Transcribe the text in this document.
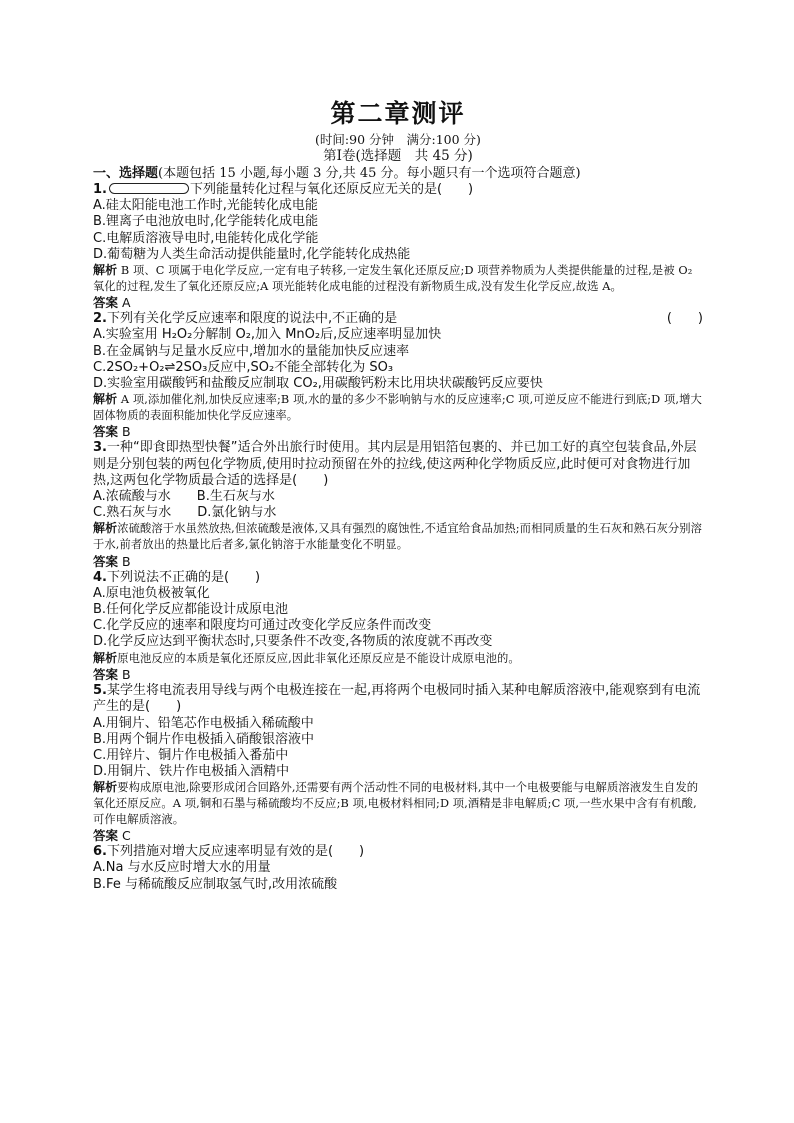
第二章测评
(时间:90 分钟　满分:100 分)
第Ⅰ卷(选择题　共 45 分)
一、选择题(本题包括 15 小题,每小题 3 分,共 45 分。每小题只有一个选项符合题意)
1.	下列能量转化过程与氧化还原反应无关的是(　　)
A.硅太阳能电池工作时,光能转化成电能
B.锂离子电池放电时,化学能转化成电能
C.电解质溶液导电时,电能转化成化学能
D.葡萄糖为人类生命活动提供能量时,化学能转化成热能
解析 B 项、C 项属于电化学反应,一定有电子转移,一定发生氧化还原反应;D 项营养物质为人类提供能量的过程,是被 O₂ 氧化的过程,发生了氧化还原反应;A 项光能转化成电能的过程没有新物质生成,没有发生化学反应,故选 A。
答案 A
2.下列有关化学反应速率和限度的说法中,不正确的是	(　　)
A.实验室用 H₂O₂分解制 O₂,加入 MnO₂后,反应速率明显加快
B.在金属钠与足量水反应中,增加水的量能加快反应速率
C.2SO₂+O₂⇌2SO₃反应中,SO₂不能全部转化为 SO₃
D.实验室用碳酸钙和盐酸反应制取 CO₂,用碳酸钙粉末比用块状碳酸钙反应要快
解析 A 项,添加催化剂,加快反应速率;B 项,水的量的多少不影响钠与水的反应速率;C 项,可逆反应不能进行到底;D 项,增大固体物质的表面积能加快化学反应速率。
答案 B
3.一种“即食即热型快餐”适合外出旅行时使用。其内层是用铝箔包裹的、并已加工好的真空包装食品,外层则是分别包装的两包化学物质,使用时拉动预留在外的拉线,使这两种化学物质反应,此时便可对食物进行加热,这两包化学物质最合适的选择是(　　)
A.浓硫酸与水　　B.生石灰与水
C.熟石灰与水　　D.氯化钠与水
解析浓硫酸溶于水虽然放热,但浓硫酸是液体,又具有强烈的腐蚀性,不适宜给食品加热;而相同质量的生石灰和熟石灰分别溶于水,前者放出的热量比后者多,氯化钠溶于水能量变化不明显。
答案 B
4.下列说法不正确的是(　　)
A.原电池负极被氧化
B.任何化学反应都能设计成原电池
C.化学反应的速率和限度均可通过改变化学反应条件而改变
D.化学反应达到平衡状态时,只要条件不改变,各物质的浓度就不再改变
解析原电池反应的本质是氧化还原反应,因此非氧化还原反应是不能设计成原电池的。
答案 B
5.某学生将电流表用导线与两个电极连接在一起,再将两个电极同时插入某种电解质溶液中,能观察到有电流产生的是(　　)
A.用铜片、铅笔芯作电极插入稀硫酸中
B.用两个铜片作电极插入硝酸银溶液中
C.用锌片、铜片作电极插入番茄中
D.用铜片、铁片作电极插入酒精中
解析要构成原电池,除要形成闭合回路外,还需要有两个活动性不同的电极材料,其中一个电极要能与电解质溶液发生自发的氧化还原反应。A 项,铜和石墨与稀硫酸均不反应;B 项,电极材料相同;D 项,酒精是非电解质;C 项,一些水果中含有有机酸,可作电解质溶液。
答案 C
6.下列措施对增大反应速率明显有效的是(　　)
A.Na 与水反应时增大水的用量
B.Fe 与稀硫酸反应制取氢气时,改用浓硫酸
